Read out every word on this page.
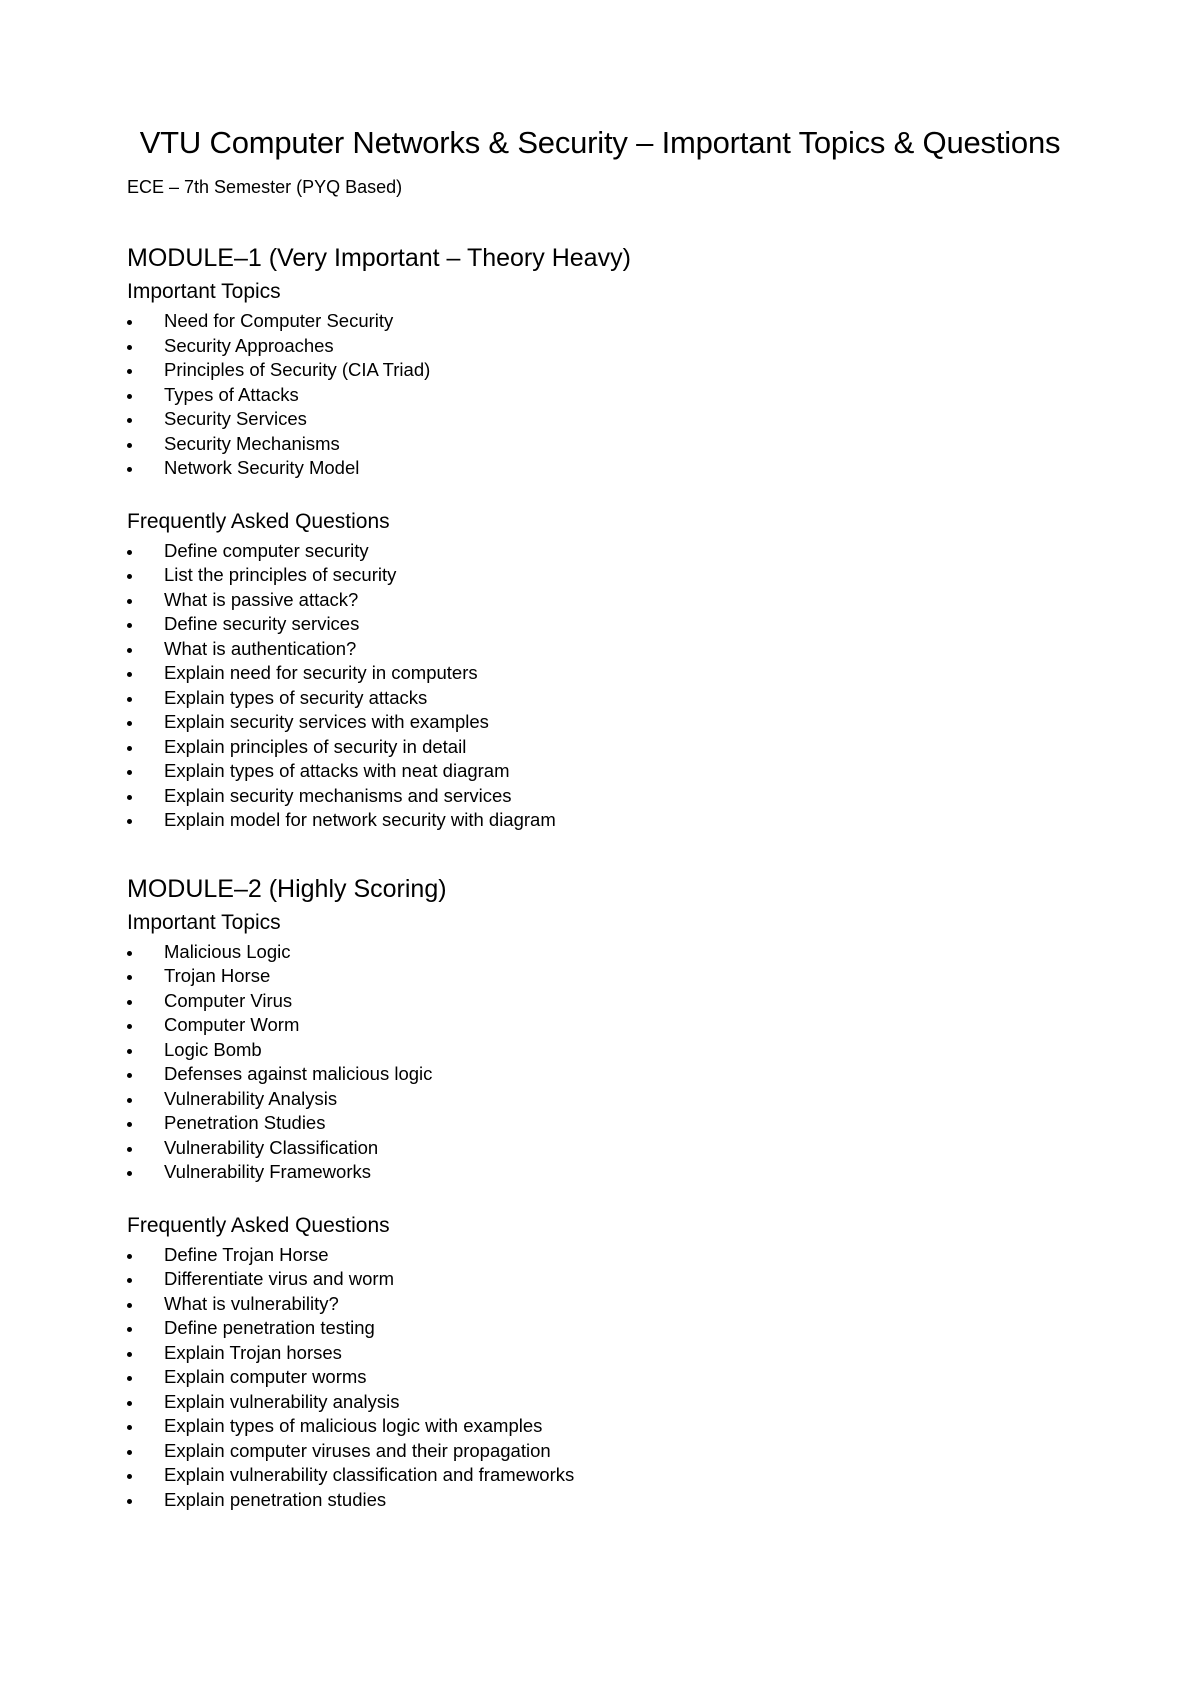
VTU Computer Networks & Security – Important Topics & Questions

ECE – 7th Semester (PYQ Based)

MODULE–1 (Very Important – Theory Heavy)
Important Topics
Need for Computer Security
Security Approaches
Principles of Security (CIA Triad)
Types of Attacks
Security Services
Security Mechanisms
Network Security Model
Frequently Asked Questions
Define computer security
List the principles of security
What is passive attack?
Define security services
What is authentication?
Explain need for security in computers
Explain types of security attacks
Explain security services with examples
Explain principles of security in detail
Explain types of attacks with neat diagram
Explain security mechanisms and services
Explain model for network security with diagram
MODULE–2 (Highly Scoring)
Important Topics
Malicious Logic
Trojan Horse
Computer Virus
Computer Worm
Logic Bomb
Defenses against malicious logic
Vulnerability Analysis
Penetration Studies
Vulnerability Classification
Vulnerability Frameworks
Frequently Asked Questions
Define Trojan Horse
Differentiate virus and worm
What is vulnerability?
Define penetration testing
Explain Trojan horses
Explain computer worms
Explain vulnerability analysis
Explain types of malicious logic with examples
Explain computer viruses and their propagation
Explain vulnerability classification and frameworks
Explain penetration studies
